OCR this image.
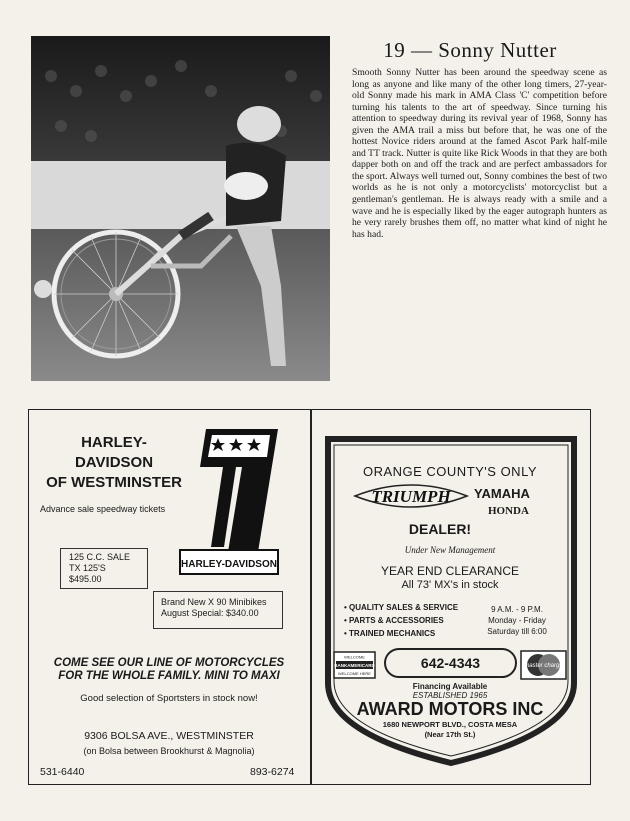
19 — Sonny Nutter
Smooth Sonny Nutter has been around the speedway scene as long as anyone and like many of the other long timers, 27-year-old Sonny made his mark in AMA Class 'C' competition before turning his talents to the art of speedway. Since turning his attention to speedway during its revival year of 1968, Sonny has given the AMA trail a miss but before that, he was one of the hottest Novice riders around at the famed Ascot Park half-mile and TT track. Nutter is quite like Rick Woods in that they are both dapper both on and off the track and are perfect ambassadors for the sport. Always well turned out, Sonny combines the best of two worlds as he is not only a motorcyclists' motorcyclist but a gentleman's gentleman. He is always ready with a smile and a wave and he is especially liked by the eager autograph hunters as he very rarely brushes them off, no matter what kind of night he has had.
HARLEY-DAVIDSON
OF WESTMINSTER
Advance sale speedway tickets
125 C.C. SALE
TX 125'S
$495.00
Brand New X 90 Minibikes
August Special: $340.00
HARLEY-DAVIDSON
COME SEE OUR LINE OF MOTORCYCLES
FOR THE WHOLE FAMILY. MINI TO MAXI
Good selection of Sportsters in stock now!
9306 BOLSA AVE., WESTMINSTER
(on Bolsa between Brookhurst & Magnolia)
531-6440	893-6274
ORANGE COUNTY'S ONLY
TRIUMPH YAMAHA
HONDA
DEALER!
Under New Management
YEAR END CLEARANCE
All 73' MX's in stock
• QUALITY SALES & SERVICE
• PARTS & ACCESSORIES
• TRAINED MECHANICS
9 A.M. - 9 P.M.
Monday - Friday
Saturday till 6:00
WELCOME
BANKAMERICARD
WELCOME HERE
642-4343	master charge
Financing Available
ESTABLISHED 1965
AWARD MOTORS INC
1680 NEWPORT BLVD., COSTA MESA
(Near 17th St.)
